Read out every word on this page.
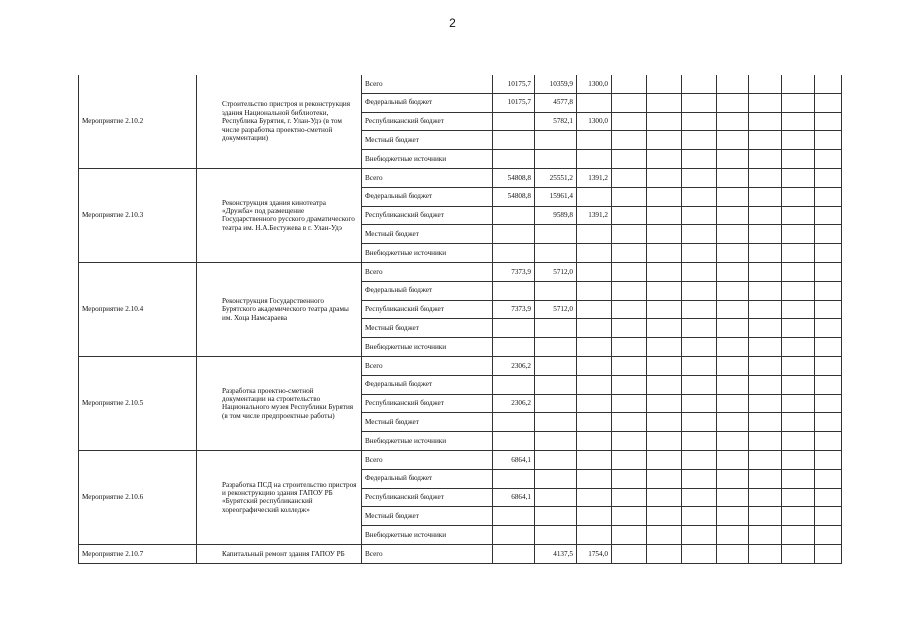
2
Мероприятие 2.10.2	Строительство пристроя и реконструкция здания Национальной библиотеки, Республика Бурятия, г. Улан-Удэ (в том числе разработка проектно-сметной документации)	Всего	10175,7	10359,9	1300,0							
		Федеральный бюджет	10175,7	4577,8								
		Республиканский бюджет		5782,1	1300,0							
		Местный бюджет										
		Внебюджетные источники										
Мероприятие 2.10.3	Реконструкция здания кинотеатра «Дружба» под размещение Государственного русского драматического театра им. Н.А.Бестужева в г. Улан-Удэ	Всего	54808,8	25551,2	1391,2							
		Федеральный бюджет	54808,8	15961,4								
		Республиканский бюджет		9589,8	1391,2							
		Местный бюджет										
		Внебюджетные источники										
Мероприятие 2.10.4	Реконструкция Государственного Бурятского академического театра драмы им. Хоца Намсараева	Всего	7373,9	5712,0								
		Федеральный бюджет										
		Республиканский бюджет	7373,9	5712,0								
		Местный бюджет										
		Внебюджетные источники										
Мероприятие 2.10.5	Разработка проектно-сметной документации на строительство Национального музея Республики Бурятия (в том числе предпроектные работы)	Всего	2306,2									
		Федеральный бюджет										
		Республиканский бюджет	2306,2									
		Местный бюджет										
		Внебюджетные источники										
Мероприятие 2.10.6	Разработка ПСД на строительство пристроя и реконструкцию здания ГАПОУ РБ «Бурятский республиканский хореографический колледж»	Всего	6864,1									
		Федеральный бюджет										
		Республиканский бюджет	6864,1									
		Местный бюджет										
		Внебюджетные источники										
Мероприятие 2.10.7	Капитальный ремонт здания ГАПОУ РБ	Всего		4137,5	1754,0							
